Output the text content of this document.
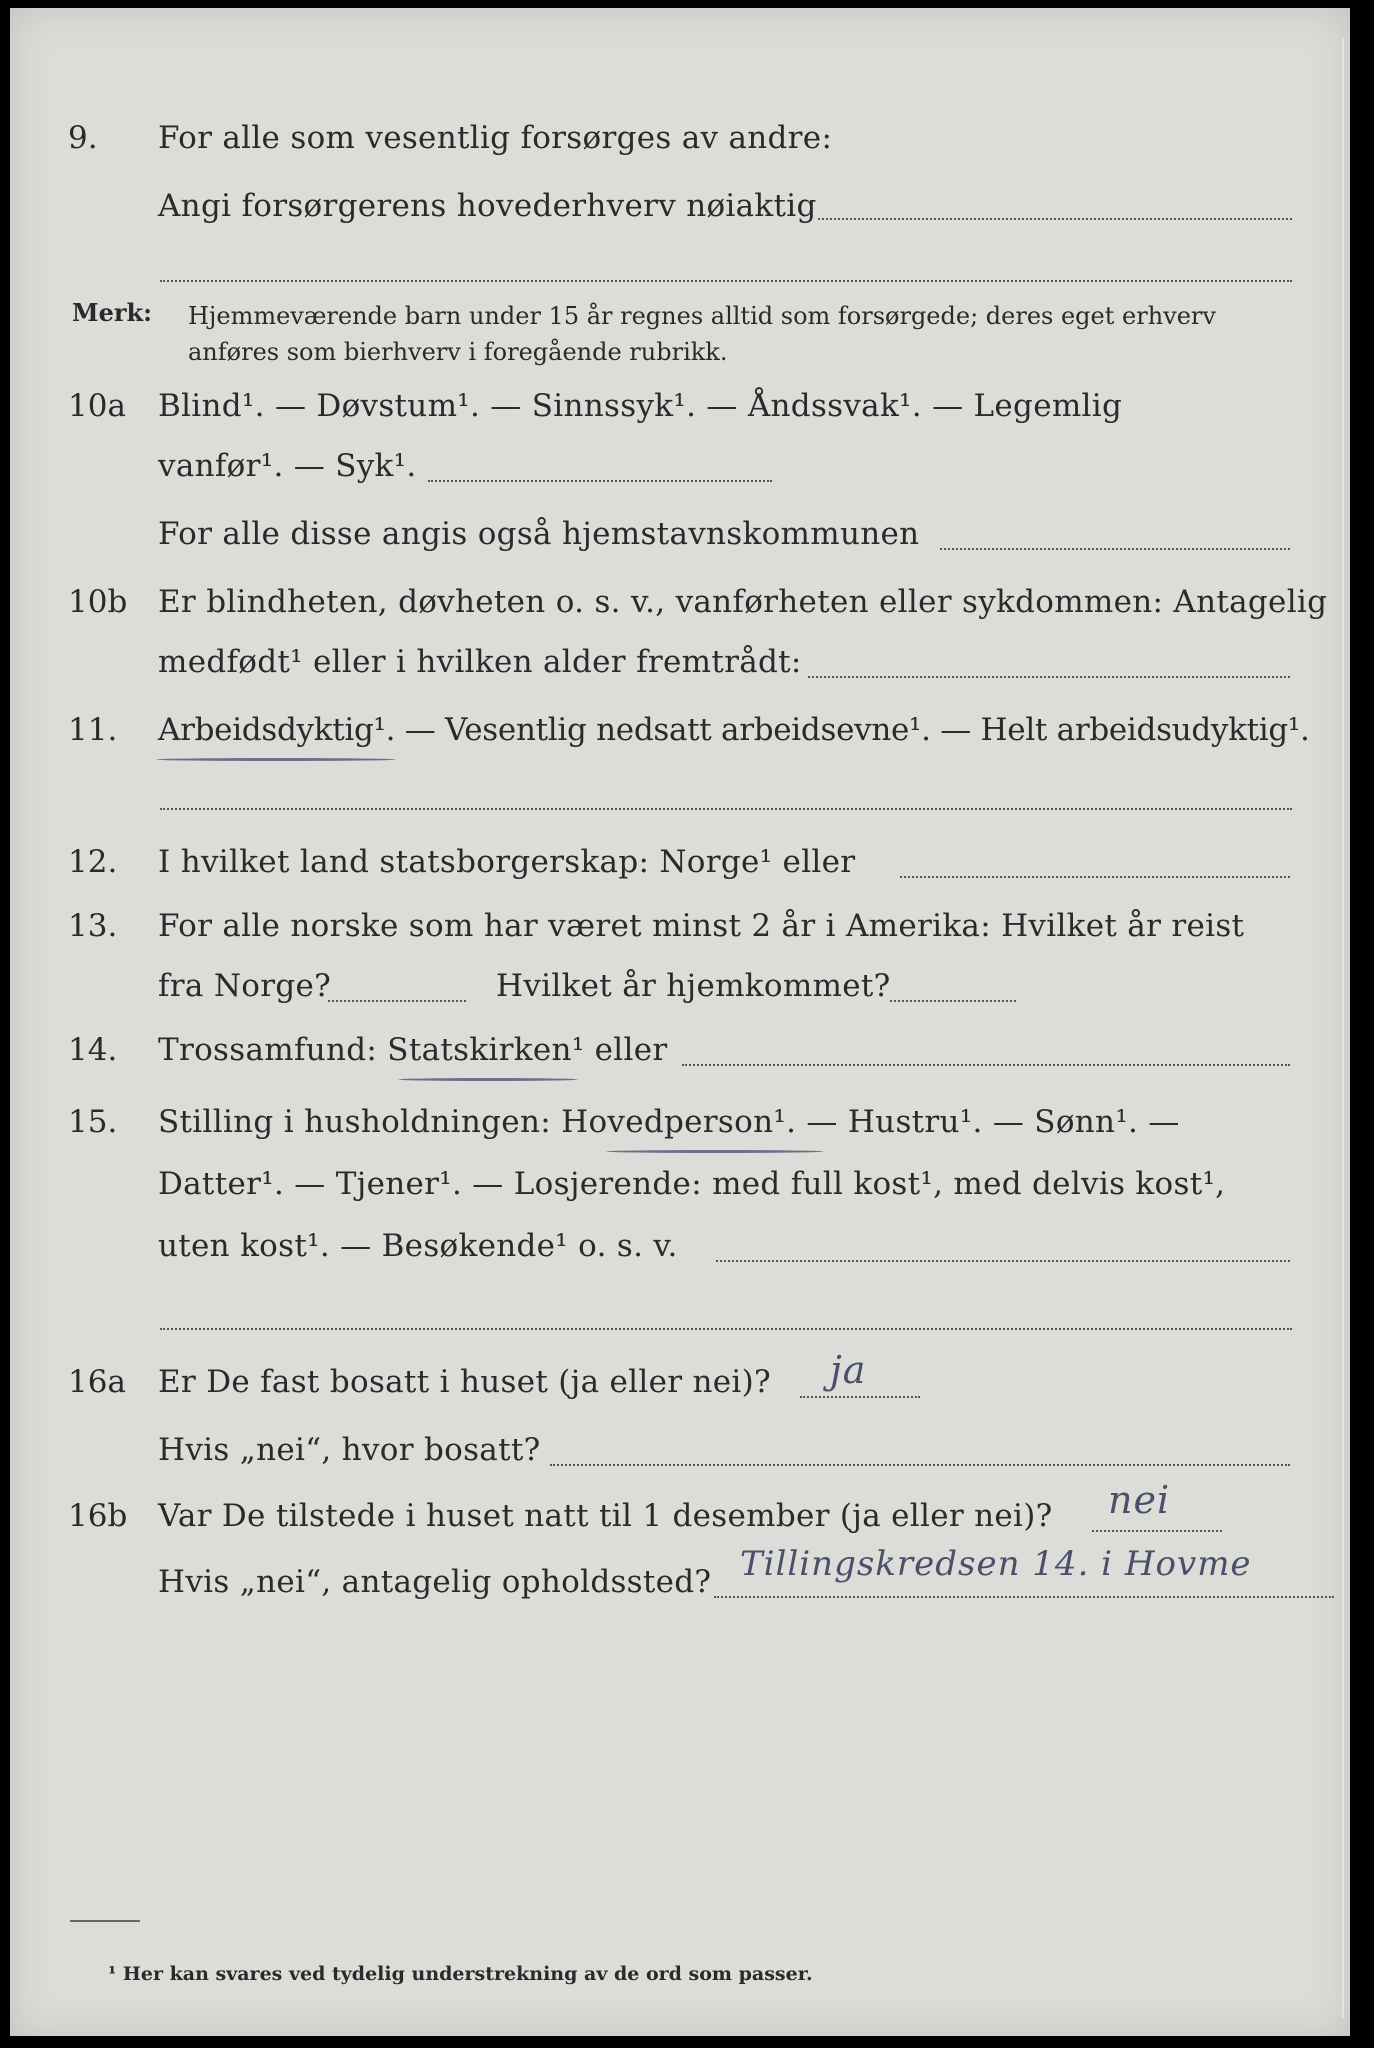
9. For alle som vesentlig forsørges av andre:
Angi forsørgerens hovederhverv nøiaktig
Merk: Hjemmeværende barn under 15 år regnes alltid som forsørgede; deres eget erhverv
anføres som bierhverv i foregående rubrikk.
10a Blind¹. — Døvstum¹. — Sinnssyk¹. — Åndssvak¹. — Legemlig
vanfør¹. — Syk¹.
For alle disse angis også hjemstavnskommunen
10b Er blindheten, døvheten o. s. v., vanførheten eller sykdommen: Antagelig
medfødt¹ eller i hvilken alder fremtrådt:
11. Arbeidsdyktig¹. — Vesentlig nedsatt arbeidsevne¹. — Helt arbeidsudyktig¹.
12. I hvilket land statsborgerskap: Norge¹ eller
13. For alle norske som har været minst 2 år i Amerika: Hvilket år reist
fra Norge?	Hvilket år hjemkommet?
14. Trossamfund: Statskirken¹ eller
15. Stilling i husholdningen: Hovedperson¹. — Hustru¹. — Sønn¹. —
Datter¹. — Tjener¹. — Losjerende: med full kost¹, med delvis kost¹,
uten kost¹. — Besøkende¹ o. s. v.
16a Er De fast bosatt i huset (ja eller nei)? ja
Hvis „nei“, hvor bosatt?
16b Var De tilstede i huset natt til 1 desember (ja eller nei)? nei
Hvis „nei“, antagelig opholdssted? Tillingskredsen 14. i Hovme
¹ Her kan svares ved tydelig understrekning av de ord som passer.
